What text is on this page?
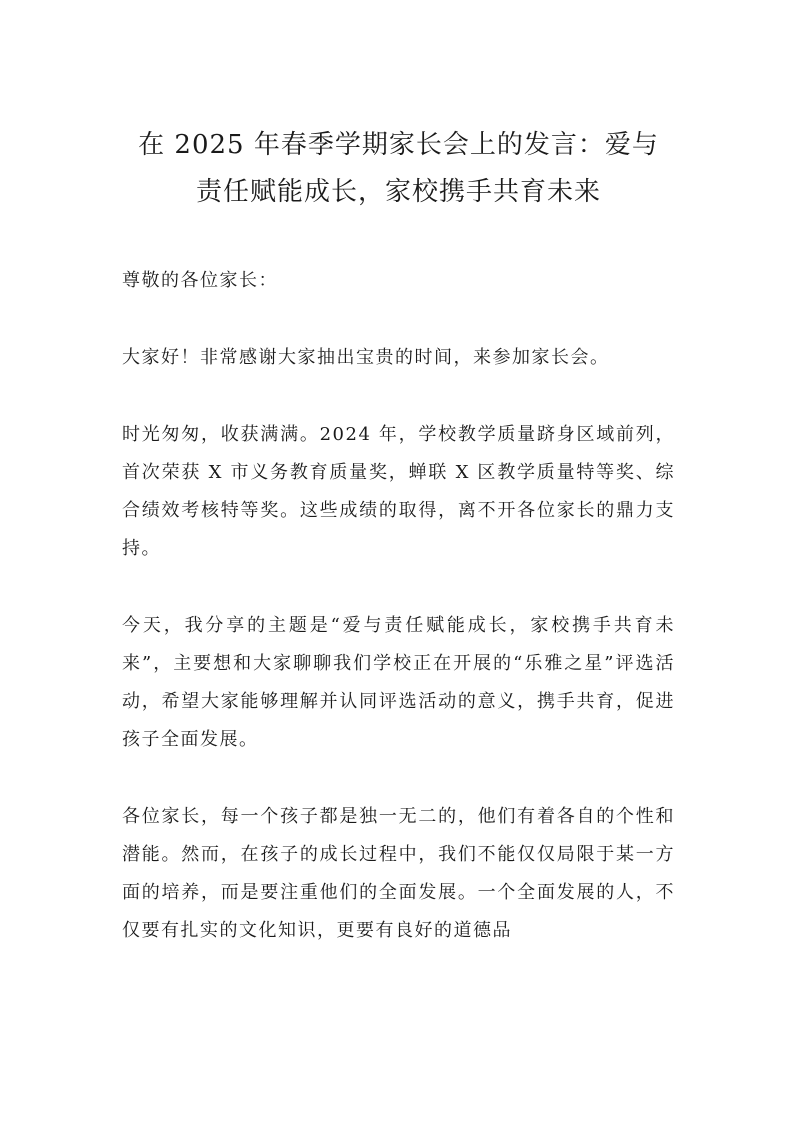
在 2025 年春季学期家长会上的发言：爱与
责任赋能成长，家校携手共育未来

尊敬的各位家长：

大家好！非常感谢大家抽出宝贵的时间，来参加家长会。

时光匆匆，收获满满。2024 年，学校教学质量跻身区域前列，首次荣获 X 市义务教育质量奖，蝉联 X 区教学质量特等奖、综合绩效考核特等奖。这些成绩的取得，离不开各位家长的鼎力支持。

今天，我分享的主题是“爱与责任赋能成长，家校携手共育未来”，主要想和大家聊聊我们学校正在开展的“乐雅之星”评选活动，希望大家能够理解并认同评选活动的意义，携手共育，促进孩子全面发展。

各位家长，每一个孩子都是独一无二的，他们有着各自的个性和潜能。然而，在孩子的成长过程中，我们不能仅仅局限于某一方面的培养，而是要注重他们的全面发展。一个全面发展的人，不仅要有扎实的文化知识，更要有良好的道德品
